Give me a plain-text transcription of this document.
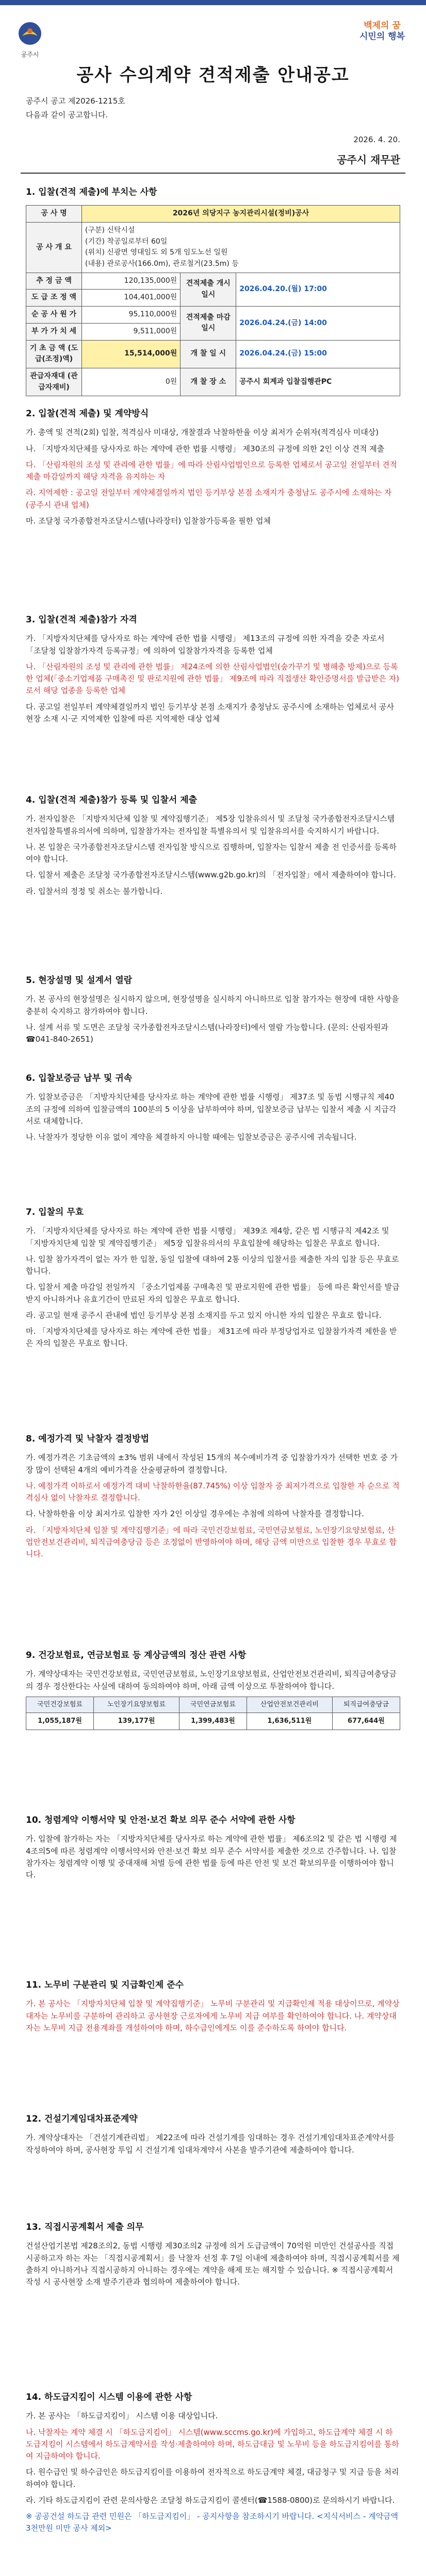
공주시
백제의 꿈
시민의 행복
공사 수의계약 견적제출 안내공고
공주시 공고 제2026-1215호
다음과 같이 공고합니다.
2026. 4. 20.
공주시 재무관
1. 입찰(견적 제출)에 부치는 사항
공 사 명	2026년 의당지구 농지관리시설(정비)공사		
공 사 개 요	(구분) 신탁시설
(기간) 착공일로부터 60일
(위치) 신광면 영대임도 외 5개 임도노선 일원
(내용) 관로공사(166.0m), 관로철거(23.5m) 등		

추 정 금 액	120,135,000원	견적제출 개시 일시	2026.04.20.(월) 17:00
도 급 조 정 액	104,401,000원		
순 공 사 원 가	95,110,000원	견적제출 마감 일시	2026.04.24.(금) 14:00
부 가 가 치 세	9,511,000원		
기 초 금 액 (도급(조정)액)	15,514,000원	개 찰 일 시	2026.04.24.(금) 15:00
관급자재대 (관급자재비)	0원	개 찰 장 소	공주시 회계과 입찰집행관PC
2. 입찰(견적 제출) 및 계약방식

가. 총액 및 견적(2회) 입찰, 적격심사 미대상, 개찰결과 낙찰하한율 이상 최저가 순위자(적격심사 미대상)

나. 「지방자치단체를 당사자로 하는 계약에 관한 법률 시행령」 제30조의 규정에 의한 2인 이상 견적 제출

다. 「산림자원의 조성 및 관리에 관한 법률」에 따라 산림사업법인으로 등록한 업체로서 공고일 전일부터 견적제출 마감일까지 해당 자격을 유지하는 자

라. 지역제한 : 공고일 전일부터 계약체결일까지 법인 등기부상 본점 소재지가 충청남도 공주시에 소재하는 자(공주시 관내 업체)

마. 조달청 국가종합전자조달시스템(나라장터) 입찰참가등록을 필한 업체

3. 입찰(견적 제출)참가 자격

가. 「지방자치단체를 당사자로 하는 계약에 관한 법률 시행령」 제13조의 규정에 의한 자격을 갖춘 자로서 「조달청 입찰참가자격 등록규정」에 의하여 입찰참가자격을 등록한 업체

나. 「산림자원의 조성 및 관리에 관한 법률」 제24조에 의한 산림사업법인(숲가꾸기 및 병해충 방제)으로 등록한 업체(「중소기업제품 구매촉진 및 판로지원에 관한 법률」 제9조에 따라 직접생산 확인증명서를 발급받은 자)로서 해당 업종을 등록한 업체

다. 공고일 전일부터 계약체결일까지 법인 등기부상 본점 소재지가 충청남도 공주시에 소재하는 업체로서 공사현장 소재 시·군 지역제한 입찰에 따른 지역제한 대상 업체

4. 입찰(견적 제출)참가 등록 및 입찰서 제출

가. 전자입찰은 「지방자치단체 입찰 및 계약집행기준」 제5장 입찰유의서 및 조달청 국가종합전자조달시스템 전자입찰특별유의서에 의하며, 입찰참가자는 전자입찰 특별유의서 및 입찰유의서를 숙지하시기 바랍니다.

나. 본 입찰은 국가종합전자조달시스템 전자입찰 방식으로 집행하며, 입찰자는 입찰서 제출 전 인증서를 등록하여야 합니다.

다. 입찰서 제출은 조달청 국가종합전자조달시스템(www.g2b.go.kr)의 「전자입찰」에서 제출하여야 합니다.

라. 입찰서의 정정 및 취소는 불가합니다.

5. 현장설명 및 설계서 열람

가. 본 공사의 현장설명은 실시하지 않으며, 현장설명을 실시하지 아니하므로 입찰 참가자는 현장에 대한 사항을 충분히 숙지하고 참가하여야 합니다.

나. 설계 서류 및 도면은 조달청 국가종합전자조달시스템(나라장터)에서 열람 가능합니다. (문의: 산림자원과 ☎041-840-2651)

6. 입찰보증금 납부 및 귀속

가. 입찰보증금은 「지방자치단체를 당사자로 하는 계약에 관한 법률 시행령」 제37조 및 동법 시행규칙 제40조의 규정에 의하여 입찰금액의 100분의 5 이상을 납부하여야 하며, 입찰보증금 납부는 입찰서 제출 시 지급각서로 대체합니다.

나. 낙찰자가 정당한 이유 없이 계약을 체결하지 아니할 때에는 입찰보증금은 공주시에 귀속됩니다.

7. 입찰의 무효

가. 「지방자치단체를 당사자로 하는 계약에 관한 법률 시행령」 제39조 제4항, 같은 법 시행규칙 제42조 및 「지방자치단체 입찰 및 계약집행기준」 제5장 입찰유의서의 무효입찰에 해당하는 입찰은 무효로 합니다.

나. 입찰 참가자격이 없는 자가 한 입찰, 동일 입찰에 대하여 2통 이상의 입찰서를 제출한 자의 입찰 등은 무효로 합니다.

다. 입찰서 제출 마감일 전일까지 「중소기업제품 구매촉진 및 판로지원에 관한 법률」 등에 따른 확인서를 발급받지 아니하거나 유효기간이 만료된 자의 입찰은 무효로 합니다.

라. 공고일 현재 공주시 관내에 법인 등기부상 본점 소재지를 두고 있지 아니한 자의 입찰은 무효로 합니다.

마. 「지방자치단체를 당사자로 하는 계약에 관한 법률」 제31조에 따라 부정당업자로 입찰참가자격 제한을 받은 자의 입찰은 무효로 합니다.

8. 예정가격 및 낙찰자 결정방법

가. 예정가격은 기초금액의 ±3% 범위 내에서 작성된 15개의 복수예비가격 중 입찰참가자가 선택한 번호 중 가장 많이 선택된 4개의 예비가격을 산술평균하여 결정합니다.

나. 예정가격 이하로서 예정가격 대비 낙찰하한율(87.745%) 이상 입찰자 중 최저가격으로 입찰한 자 순으로 적격심사 없이 낙찰자로 결정합니다.

다. 낙찰하한율 이상 최저가로 입찰한 자가 2인 이상일 경우에는 추첨에 의하여 낙찰자를 결정합니다.

라. 「지방자치단체 입찰 및 계약집행기준」에 따라 국민건강보험료, 국민연금보험료, 노인장기요양보험료, 산업안전보건관리비, 퇴직급여충당금 등은 조정없이 반영하여야 하며, 해당 금액 미만으로 입찰한 경우 무효로 합니다.

9. 건강보험료, 연금보험료 등 계상금액의 정산 관련 사항

가. 계약상대자는 국민건강보험료, 국민연금보험료, 노인장기요양보험료, 산업안전보건관리비, 퇴직급여충당금의 경우 정산한다는 사실에 대하여 동의하여야 하며, 아래 금액 이상으로 투찰하여야 합니다.

국민건강보험료	노인장기요양보험료	국민연금보험료	산업안전보건관리비	퇴직급여충당금
1,055,187원	139,177원	1,399,483원	1,636,511원	677,644원
10. 청렴계약 이행서약 및 안전·보건 확보 의무 준수 서약에 관한 사항

가. 입찰에 참가하는 자는 「지방자치단체를 당사자로 하는 계약에 관한 법률」 제6조의2 및 같은 법 시행령 제4조의5에 따른 청렴계약 이행서약서와 안전·보건 확보 의무 준수 서약서를 제출한 것으로 간주합니다. 나. 입찰참가자는 청렴계약 이행 및 중대재해 처벌 등에 관한 법률 등에 따른 안전 및 보건 확보의무를 이행하여야 합니다.

11. 노무비 구분관리 및 지급확인제 준수

가. 본 공사는 「지방자치단체 입찰 및 계약집행기준」 노무비 구분관리 및 지급확인제 적용 대상이므로, 계약상대자는 노무비를 구분하여 관리하고 공사현장 근로자에게 노무비 지급 여부를 확인하여야 합니다. 나. 계약상대자는 노무비 지급 전용계좌를 개설하여야 하며, 하수급인에게도 이를 준수하도록 하여야 합니다.

12. 건설기계임대차표준계약

가. 계약상대자는 「건설기계관리법」 제22조에 따라 건설기계를 임대하는 경우 건설기계임대차표준계약서를 작성하여야 하며, 공사현장 투입 시 건설기계 임대차계약서 사본을 발주기관에 제출하여야 합니다.

13. 직접시공계획서 제출 의무

건설산업기본법 제28조의2, 동법 시행령 제30조의2 규정에 의거 도급금액이 70억원 미만인 건설공사를 직접 시공하고자 하는 자는 「직접시공계획서」를 낙찰자 선정 후 7일 이내에 제출하여야 하며, 직접시공계획서를 제출하지 아니하거나 직접시공하지 아니하는 경우에는 계약을 해제 또는 해지할 수 있습니다. ※ 직접시공계획서 작성 시 공사현장 소재 발주기관과 협의하여 제출하여야 합니다.

14. 하도급지킴이 시스템 이용에 관한 사항

가. 본 공사는 「하도급지킴이」 시스템 이용 대상입니다.

나. 낙찰자는 계약 체결 시 「하도급지킴이」 시스템(www.sccms.go.kr)에 가입하고, 하도급계약 체결 시 하도급지킴이 시스템에서 하도급계약서를 작성·제출하여야 하며, 하도급대금 및 노무비 등을 하도급지킴이를 통하여 지급하여야 합니다.

다. 원수급인 및 하수급인은 하도급지킴이를 이용하여 전자적으로 하도급계약 체결, 대금청구 및 지급 등을 처리하여야 합니다.

라. 기타 하도급지킴이 관련 문의사항은 조달청 하도급지킴이 콜센터(☎1588-0800)로 문의하시기 바랍니다.

※ 공공건설 하도급 관련 민원은 「하도급지킴이」 - 공지사항을 참조하시기 바랍니다. <지식서비스 - 계약금액 3천만원 미만 공사 제외>
